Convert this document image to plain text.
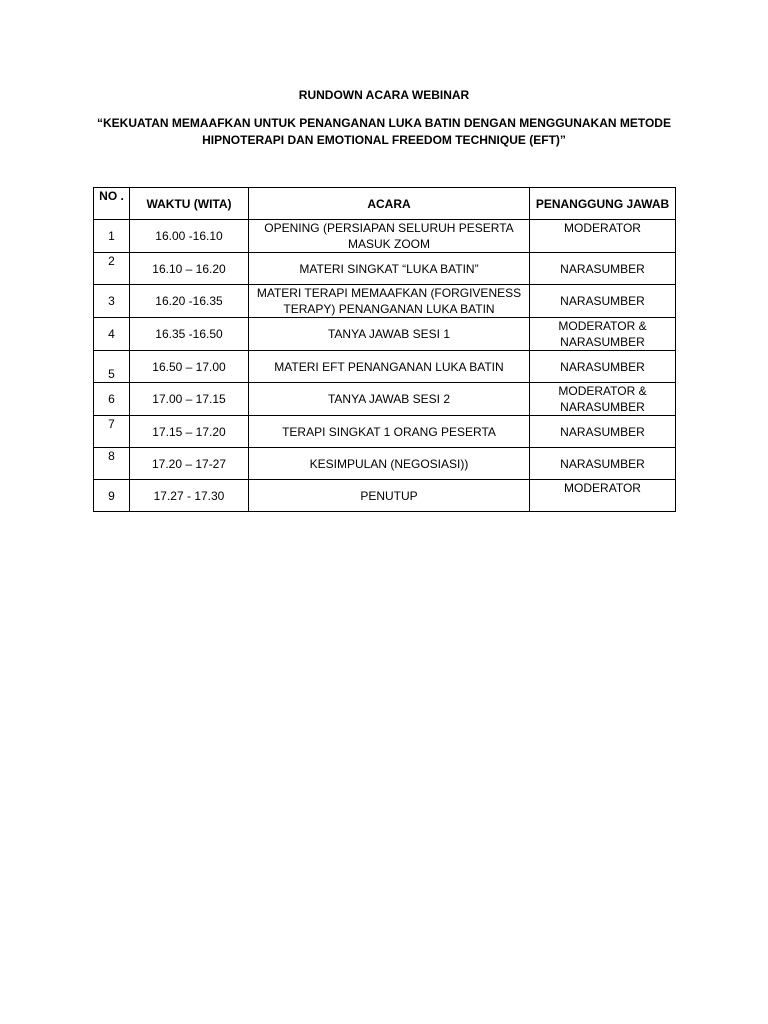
RUNDOWN ACARA WEBINAR
“KEKUATAN MEMAAFKAN UNTUK PENANGANAN LUKA BATIN DENGAN MENGGUNAKAN METODE HIPNOTERAPI DAN EMOTIONAL FREEDOM TECHNIQUE (EFT)”
NO .	WAKTU (WITA)	ACARA	PENANGGUNG JAWAB
1	16.00 -16.10	OPENING (PERSIAPAN SELURUH PESERTA MASUK ZOOM	MODERATOR
2	16.10 – 16.20	MATERI SINGKAT “LUKA BATIN”	NARASUMBER
3	16.20 -16.35	MATERI TERAPI MEMAAFKAN (FORGIVENESS TERAPY) PENANGANAN LUKA BATIN	NARASUMBER
4	16.35 -16.50	TANYA JAWAB SESI 1	MODERATOR & NARASUMBER
5	16.50 – 17.00	MATERI EFT PENANGANAN LUKA BATIN	NARASUMBER
6	17.00 – 17.15	TANYA JAWAB SESI 2	MODERATOR & NARASUMBER
7	17.15 – 17.20	TERAPI SINGKAT 1 ORANG PESERTA	NARASUMBER
8	17.20 – 17-27	KESIMPULAN (NEGOSIASI))	NARASUMBER
9	17.27 - 17.30	PENUTUP	MODERATOR
